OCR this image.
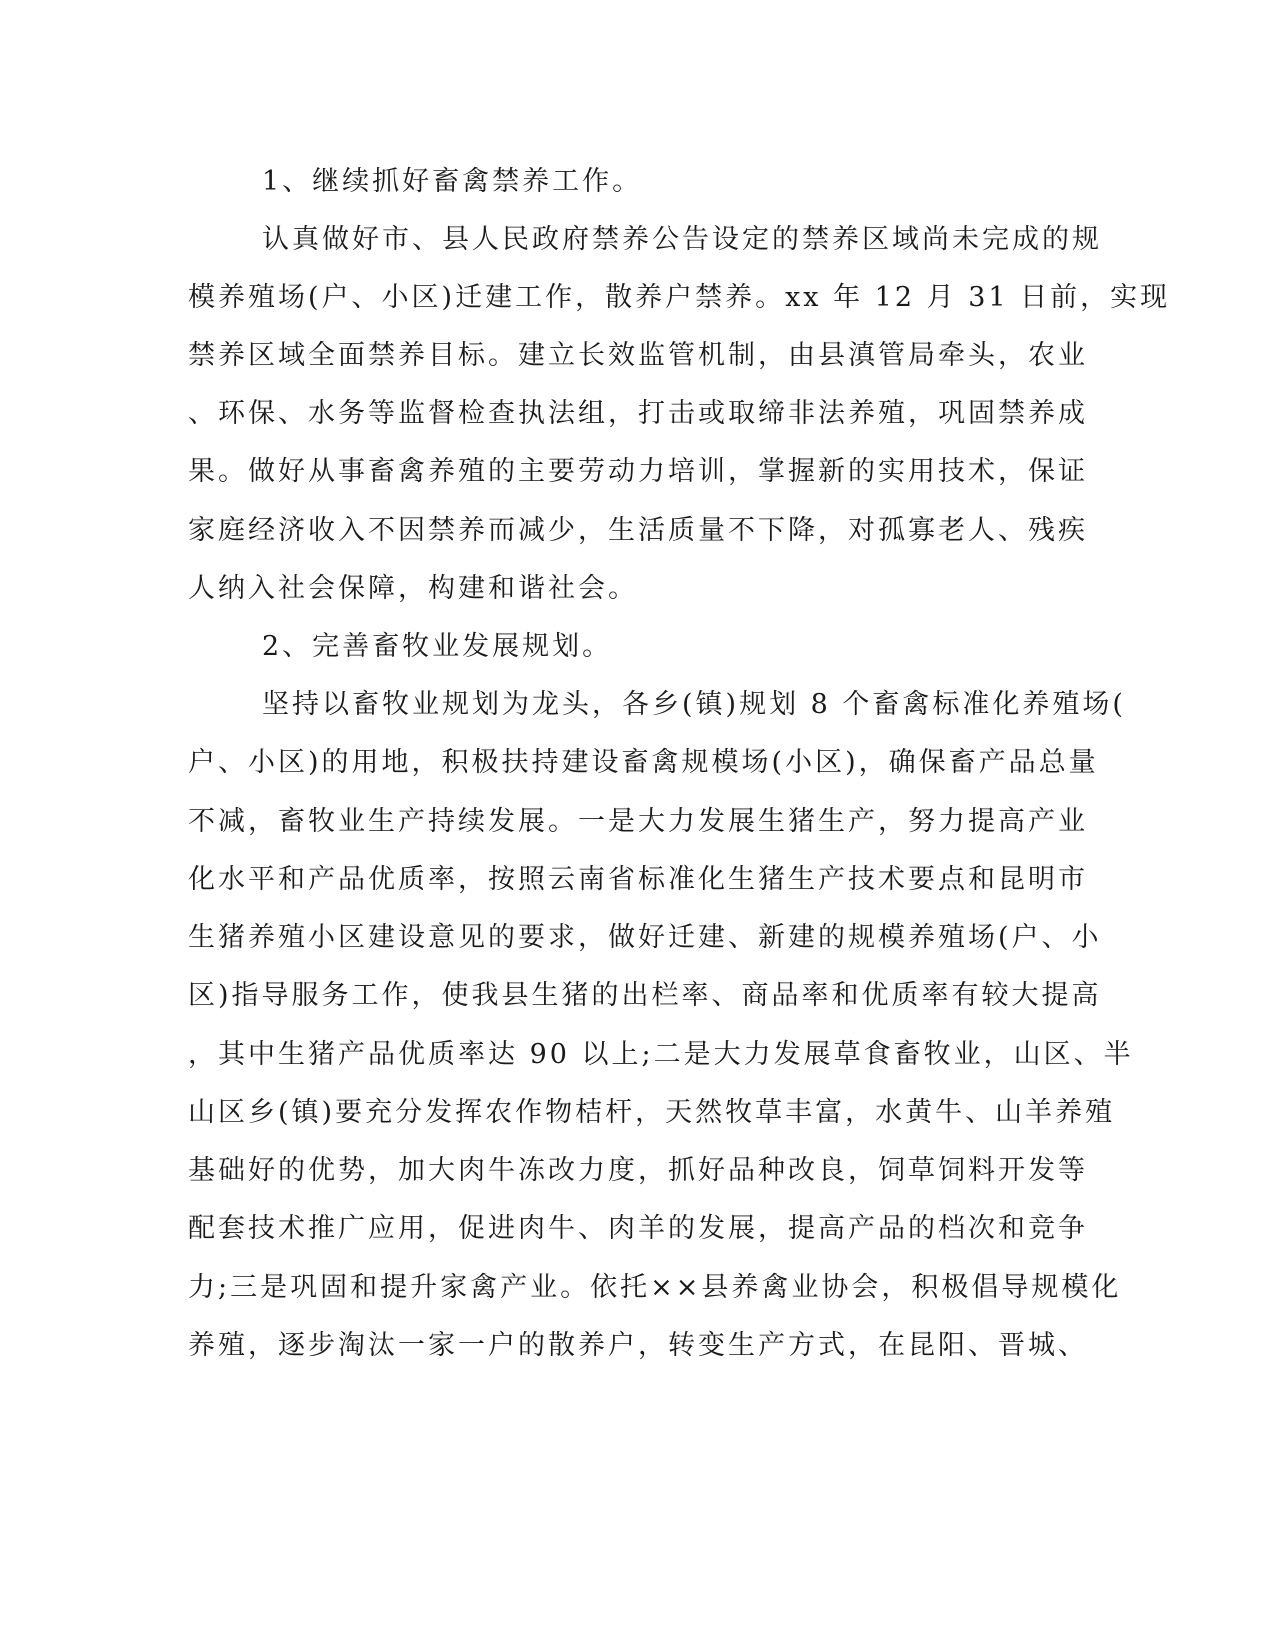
1、继续抓好畜禽禁养工作。
认真做好市、县人民政府禁养公告设定的禁养区域尚未完成的规
模养殖场(户、小区)迁建工作，散养户禁养。xx 年 12 月 31 日前，实现
禁养区域全面禁养目标。建立长效监管机制，由县滇管局牵头，农业
、环保、水务等监督检查执法组，打击或取缔非法养殖，巩固禁养成
果。做好从事畜禽养殖的主要劳动力培训，掌握新的实用技术，保证
家庭经济收入不因禁养而减少，生活质量不下降，对孤寡老人、残疾
人纳入社会保障，构建和谐社会。
2、完善畜牧业发展规划。
坚持以畜牧业规划为龙头，各乡(镇)规划 8 个畜禽标准化养殖场(
户、小区)的用地，积极扶持建设畜禽规模场(小区)，确保畜产品总量
不减，畜牧业生产持续发展。一是大力发展生猪生产，努力提高产业
化水平和产品优质率，按照云南省标准化生猪生产技术要点和昆明市
生猪养殖小区建设意见的要求，做好迁建、新建的规模养殖场(户、小
区)指导服务工作，使我县生猪的出栏率、商品率和优质率有较大提高
，其中生猪产品优质率达 90 以上;二是大力发展草食畜牧业，山区、半
山区乡(镇)要充分发挥农作物桔杆，天然牧草丰富，水黄牛、山羊养殖
基础好的优势，加大肉牛冻改力度，抓好品种改良，饲草饲料开发等
配套技术推广应用，促进肉牛、肉羊的发展，提高产品的档次和竞争
力;三是巩固和提升家禽产业。依托××县养禽业协会，积极倡导规模化
养殖，逐步淘汰一家一户的散养户，转变生产方式，在昆阳、晋城、
